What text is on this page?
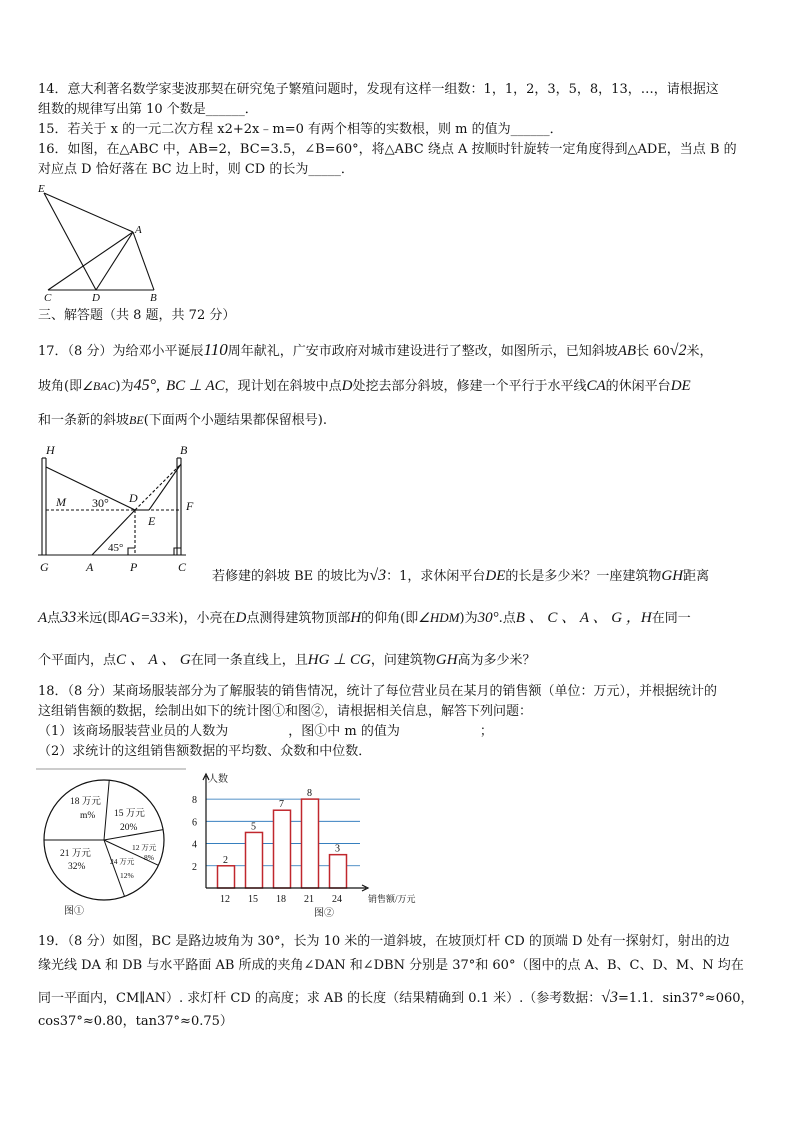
14．意大利著名数学家斐波那契在研究兔子繁殖问题时，发现有这样一组数：1，1，2，3，5，8，13，…，请根据这
组数的规律写出第 10 个数是______．
15．若关于 x 的一元二次方程 x2+2x﹣m=0 有两个相等的实数根，则 m 的值为______．
16．如图，在△ABC 中，AB=2，BC=3.5，∠B=60°，将△ABC 绕点 A 按顺时针旋转一定角度得到△ADE，当点 B 的
对应点 D 恰好落在 BC 边上时，则 CD 的长为_____．
E
A
C	D	B
三、解答题（共 8 题，共 72 分）
17．（8 分）为给邓小平诞辰110周年献礼，广安市政府对城市建设进行了整改，如图所示，已知斜坡AB长 60√2米，
坡角(即∠BAC)为45°, BC ⊥ AC，现计划在斜坡中点D处挖去部分斜坡，修建一个平行于水平线CA的休闲平台DE
和一条新的斜坡BE(下面两个小题结果都保留根号).
H	B
M 30° D
F
E
45°
G	A	P	C
若修建的斜坡 BE 的坡比为√3：1，求休闲平台DE的长是多少米？一座建筑物GH距离
A点33米远(即AG=33米)，小亮在D点测得建筑物顶部H的仰角(即∠HDM)为30°.点B 、 C 、 A 、 G ，H在同一
个平面内，点C 、 A 、 G在同一条直线上，且HG ⊥ CG，问建筑物GH高为多少米？
18．（8 分）某商场服装部分为了解服装的销售情况，统计了每位营业员在某月的销售额（单位：万元），并根据统计的
这组销售额的数据，绘制出如下的统计图①和图②，请根据相关信息，解答下列问题：
（1）该商场服装营业员的人数为	，图①中 m 的值为	；
（2）求统计的这组销售额数据的平均数、众数和中位数．
18 万元
m% 15 万元
20%
21 万元
32%
12 万元
8%
24 万元
12%
图①
人数
销售额/万元
图②
2
4
6
8
2
12
5
15
7
18
8
21
3
24
19．（8 分）如图，BC 是路边坡角为 30°，长为 10 米的一道斜坡，在坡顶灯杆 CD 的顶端 D 处有一探射灯，射出的边
缘光线 DA 和 DB 与水平路面 AB 所成的夹角∠DAN 和∠DBN 分别是 37°和 60°（图中的点 A、B、C、D、M、N 均在
同一平面内，CM∥AN）. 求灯杆 CD 的高度；求 AB 的长度（结果精确到 0.1 米）.（参考数据：√3=1.1．sin37°≈060，
cos37°≈0.80，tan37°≈0.75）
